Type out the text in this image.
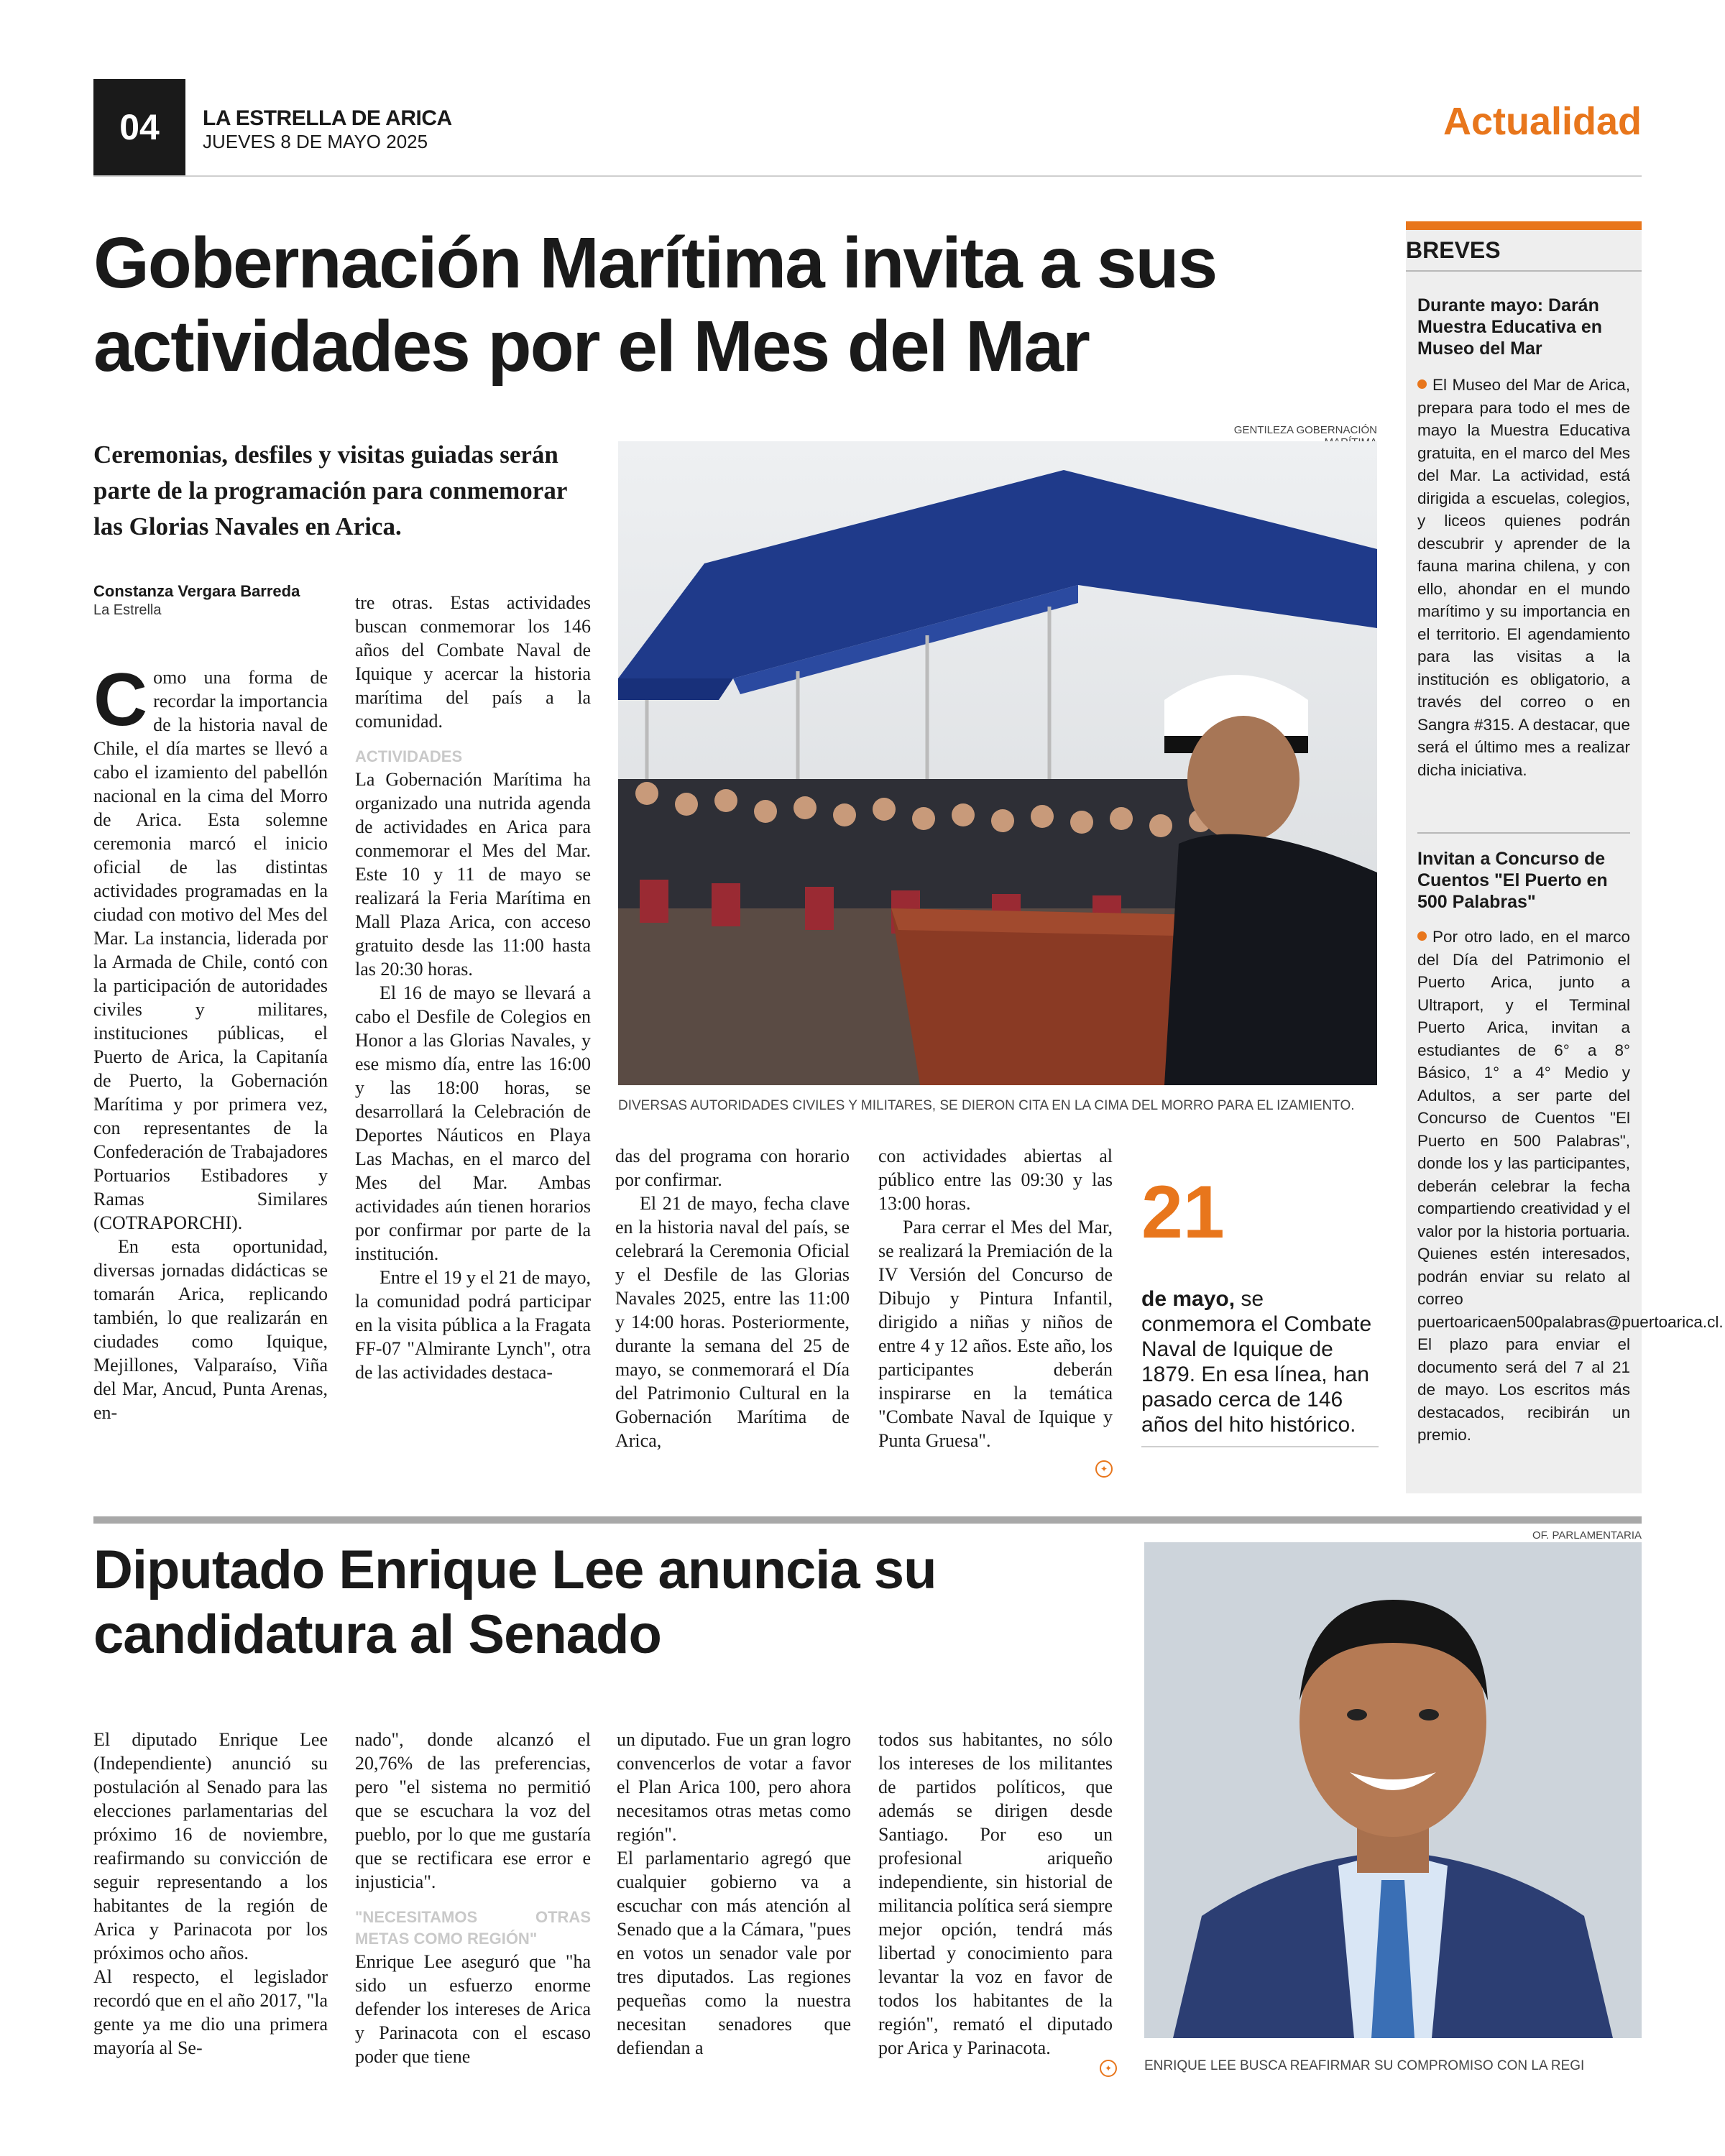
04	LA ESTRELLA DE ARICA
JUEVES 8 DE MAYO 2025	Actualidad
Gobernación Marítima invita a sus actividades por el Mes del Mar
Ceremonias, desfiles y visitas guiadas serán parte de la programación para conmemorar las Glorias Navales en Arica.
Constanza Vergara Barreda
La Estrella

Como una forma de recordar la importancia de la historia naval de Chile, el día martes se llevó a cabo el izamiento del pabellón nacional en la cima del Morro de Arica. Esta solemne ceremonia marcó el inicio oficial de las distintas actividades programadas en la ciudad con motivo del Mes del Mar. La instancia, liderada por la Armada de Chile, contó con la participación de autoridades civiles y militares, instituciones públicas, el Puerto de Arica, la Capitanía de Puerto, la Gobernación Marítima y por primera vez, con representantes de la Confederación de Trabajadores Portuarios Estibadores y Ramas Similares (COTRAPORCHI).

En esta oportunidad, diversas jornadas didácticas se tomarán Arica, replicando también, lo que realizarán en ciudades como Iquique, Mejillones, Valparaíso, Viña del Mar, Ancud, Punta Arenas, en-

tre otras. Estas actividades buscan conmemorar los 146 años del Combate Naval de Iquique y acercar la historia marítima del país a la comunidad.

ACTIVIDADES

La Gobernación Marítima ha organizado una nutrida agenda de actividades en Arica para conmemorar el Mes del Mar. Este 10 y 11 de mayo se realizará la Feria Marítima en Mall Plaza Arica, con acceso gratuito desde las 11:00 hasta las 20:30 horas.

El 16 de mayo se llevará a cabo el Desfile de Colegios en Honor a las Glorias Navales, y ese mismo día, entre las 16:00 y las 18:00 horas, se desarrollará la Celebración de Deportes Náuticos en Playa Las Machas, en el marco del Mes del Mar. Ambas actividades aún tienen horarios por confirmar por parte de la institución.

Entre el 19 y el 21 de mayo, la comunidad podrá participar en la visita pública a la Fragata FF-07 "Almirante Lynch", otra de las actividades destaca-

GENTILEZA GOBERNACIÓN
DIVERSAS AUTORIDADES CIVILES Y MILITARES, SE DIERON CITA EN LA CIMA DEL MORRO PARA EL IZAMIENTO.

das del programa con horario por confirmar.

El 21 de mayo, fecha clave en la historia naval del país, se celebrará la Ceremonia Oficial y el Desfile de las Glorias Navales 2025, entre las 11:00 y 14:00 horas. Posteriormente, durante la semana del 25 de mayo, se conmemorará el Día del Patrimonio Cultural en la Gobernación Marítima de Arica,

con actividades abiertas al público entre las 09:30 y las 13:00 horas.

Para cerrar el Mes del Mar, se realizará la Premiación de la IV Versión del Concurso de Dibujo y Pintura Infantil, dirigido a niñas y niños de entre 4 y 12 años. Este año, los participantes deberán inspirarse en la temática "Combate Naval de Iquique y Punta Gruesa".

✦
21
de mayo, se conmemora el Combate Naval de Iquique de 1879. En esa línea, han pasado cerca de 146 años del hito histórico.
BREVES
Durante mayo: Darán Muestra Educativa en Museo del Mar
El Museo del Mar de Arica, prepara para todo el mes de mayo la Muestra Educativa gratuita, en el marco del Mes del Mar. La actividad, está dirigida a escuelas, colegios, y liceos quienes podrán descubrir y aprender de la fauna marina chilena, y con ello, ahondar en el mundo marítimo y su importancia en el territorio. El agendamiento para las visitas a la institución es obligatorio, a través del correo o en Sangra #315. A destacar, que será el último mes a realizar dicha iniciativa.
Invitan a Concurso de Cuentos "El Puerto en 500 Palabras"
Por otro lado, en el marco del Día del Patrimonio el Puerto Arica, junto a Ultraport, y el Terminal Puerto Arica, invitan a estudiantes de 6° a 8° Básico, 1° a 4° Medio y Adultos, a ser parte del Concurso de Cuentos "El Puerto en 500 Palabras", donde los y las participantes, deberán celebrar la fecha compartiendo creatividad y el valor por la historia portuaria. Quienes estén interesados, podrán enviar su relato al correo puertoaricaen500palabras@puertoarica.cl. El plazo para enviar el documento será del 7 al 21 de mayo. Los escritos más destacados, recibirán un premio.
Diputado Enrique Lee anuncia su candidatura al Senado
OF. PARLAMENTARIA

El diputado Enrique Lee (Independiente) anunció su postulación al Senado para las elecciones parlamentarias del próximo 16 de noviembre, reafirmando su convicción de seguir representando a los habitantes de la región de Arica y Parinacota por los próximos ocho años.

Al respecto, el legislador recordó que en el año 2017, "la gente ya me dio una primera mayoría al Se-

nado", donde alcanzó el 20,76% de las preferencias, pero "el sistema no permitió que se escuchara la voz del pueblo, por lo que me gustaría que se rectificara ese error e injusticia".

"NECESITAMOS OTRAS METAS COMO REGIÓN"

Enrique Lee aseguró que "ha sido un esfuerzo enorme defender los intereses de Arica y Parinacota con el escaso poder que tiene

un diputado. Fue un gran logro convencerlos de votar a favor el Plan Arica 100, pero ahora necesitamos otras metas como región".

El parlamentario agregó que cualquier gobierno va a escuchar con más atención al Senado que a la Cámara, "pues en votos un senador vale por tres diputados. Las regiones pequeñas como la nuestra necesitan senadores que defiendan a

todos sus habitantes, no sólo los intereses de los militantes de partidos políticos, que además se dirigen desde Santiago. Por eso un profesional ariqueño independiente, sin historial de militancia política será siempre mejor opción, tendrá más libertad y conocimiento para levantar la voz en favor de todos los habitantes de la región", remató el diputado por Arica y Parinacota.

✦	ENRIQUE LEE BUSCA REAFIRMAR SU COMPROMISO CON LA REGI
